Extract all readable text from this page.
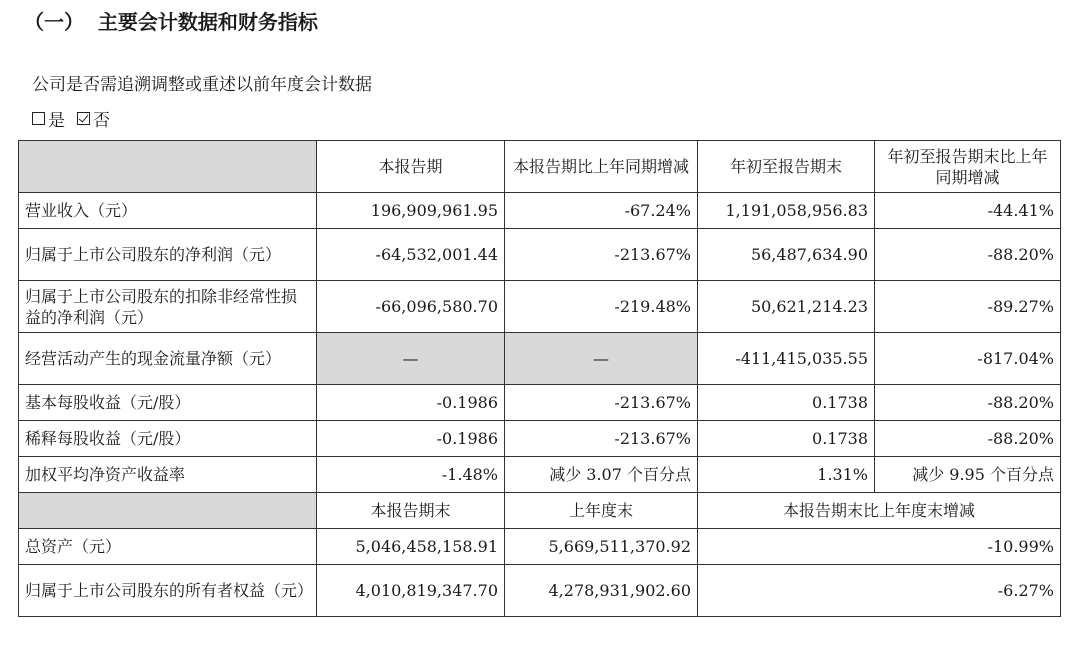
（一）  主要会计数据和财务指标
公司是否需追溯调整或重述以前年度会计数据
是 否
	本报告期	本报告期比上年同期增减	年初至报告期末	年初至报告期末比上年同期增减
营业收入（元）	196,909,961.95	-67.24%	1,191,058,956.83	-44.41%
归属于上市公司股东的净利润（元）	-64,532,001.44	-213.67%	56,487,634.90	-88.20%
归属于上市公司股东的扣除非经常性损益的净利润（元）	-66,096,580.70	-219.48%	50,621,214.23	-89.27%
经营活动产生的现金流量净额（元）	—	—	-411,415,035.55	-817.04%
基本每股收益（元/股）	-0.1986	-213.67%	0.1738	-88.20%
稀释每股收益（元/股）	-0.1986	-213.67%	0.1738	-88.20%
加权平均净资产收益率	-1.48%	减少 3.07 个百分点	1.31%	减少 9.95 个百分点
	本报告期末	上年度末	本报告期末比上年度末增减	
总资产（元）	5,046,458,158.91	5,669,511,370.92	-10.99%	
归属于上市公司股东的所有者权益（元）	4,010,819,347.70	4,278,931,902.60	-6.27%	
